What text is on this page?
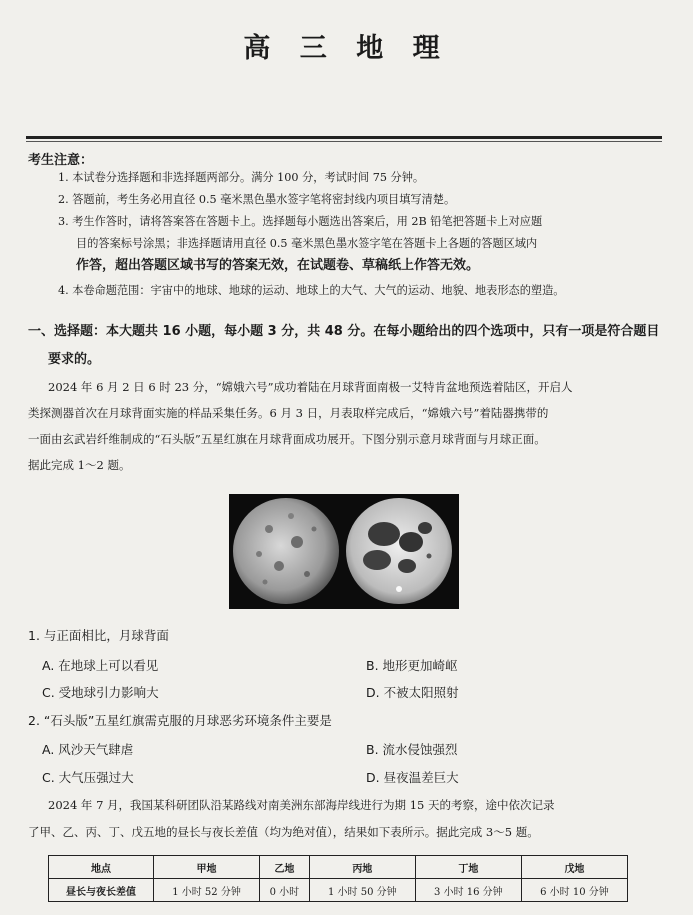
高 三 地 理
考生注意：
1. 本试卷分选择题和非选择题两部分。满分 100 分，考试时间 75 分钟。
2. 答题前，考生务必用直径 0.5 毫米黑色墨水签字笔将密封线内项目填写清楚。
3. 考生作答时，请将答案答在答题卡上。选择题每小题选出答案后，用 2B 铅笔把答题卡上对应题
目的答案标号涂黑；非选择题请用直径 0.5 毫米黑色墨水签字笔在答题卡上各题的答题区域内
作答，超出答题区域书写的答案无效，在试题卷、草稿纸上作答无效。
4. 本卷命题范围：宇宙中的地球、地球的运动、地球上的大气、大气的运动、地貌、地表形态的塑造。
一、选择题：本大题共 16 小题，每小题 3 分，共 48 分。在每小题给出的四个选项中，只有一项是符合题目
要求的。
2024 年 6 月 2 日 6 时 23 分，“嫦娥六号”成功着陆在月球背面南极一艾特肯盆地预选着陆区，开启人
类探测器首次在月球背面实施的样品采集任务。6 月 3 日，月表取样完成后，“嫦娥六号”着陆器携带的
一面由玄武岩纤维制成的“石头版”五星红旗在月球背面成功展开。下图分别示意月球背面与月球正面。
据此完成 1～2 题。
1. 与正面相比，月球背面
A. 在地球上可以看见	B. 地形更加崎岖
C. 受地球引力影响大	D. 不被太阳照射
2. “石头版”五星红旗需克服的月球恶劣环境条件主要是
A. 风沙天气肆虐	B. 流水侵蚀强烈
C. 大气压强过大	D. 昼夜温差巨大
2024 年 7 月，我国某科研团队沿某路线对南美洲东部海岸线进行为期 15 天的考察，途中依次记录
了甲、乙、丙、丁、戊五地的昼长与夜长差值（均为绝对值），结果如下表所示。据此完成 3～5 题。
地点	甲地	乙地	丙地	丁地	戊地
昼长与夜长差值	1 小时 52 分钟	0 小时	1 小时 50 分钟	3 小时 16 分钟	6 小时 10 分钟
